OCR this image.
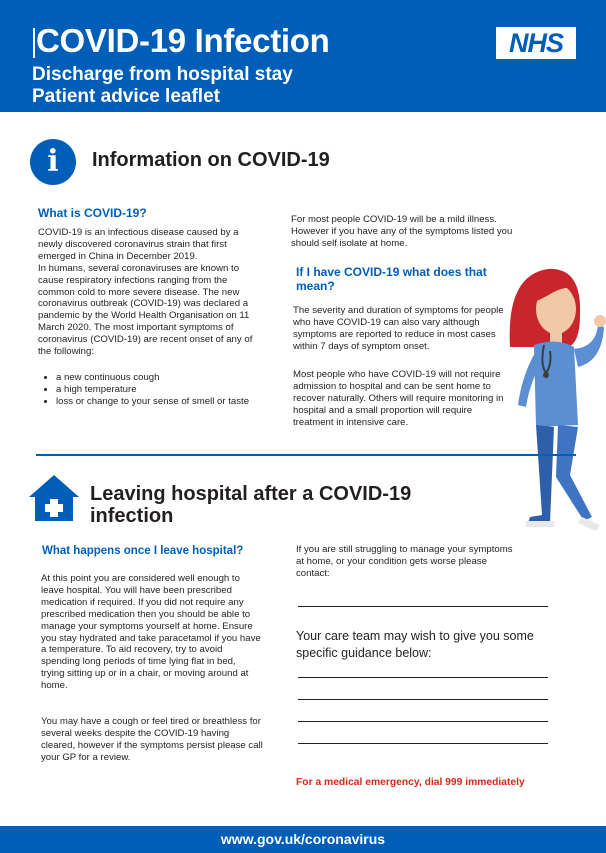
COVID-19 Infection
Discharge from hospital stay
Patient advice leaflet
NHS
i	Information on COVID-19
What is COVID-19?

COVID-19 is an infectious disease caused by a newly discovered coronavirus strain that first emerged in China in December 2019.

In humans, several coronaviruses are known to cause respiratory infections ranging from the common cold to more severe disease. The new coronavirus outbreak (COVID-19) was declared a pandemic by the World Health Organisation on 11 March 2020. The most important symptoms of coronavirus (COVID-19) are recent onset of any of the following:

• a new continuous cough
• a high temperature
• loss or change to your sense of smell or taste
For most people COVID-19 will be a mild illness. However if you have any of the symptoms listed you should self isolate at home.
If I have COVID-19 what does that mean?
The severity and duration of symptoms for people who have COVID-19 can also vary although symptoms are reported to reduce in most cases within 7 days of symptom onset.
Most people who have COVID-19 will not require admission to hospital and can be sent home to recover naturally. Others will require monitoring in hospital and a small proportion will require treatment in intensive care.
Leaving hospital after a COVID-19
infection
What happens once I leave hospital?
At this point you are considered well enough to leave hospital. You will have been prescribed medication if required. If you did not require any prescribed medication then you should be able to manage your symptoms yourself at home. Ensure you stay hydrated and take paracetamol if you have a temperature. To aid recovery, try to avoid spending long periods of time lying flat in bed, trying sitting up or in a chair, or moving around at home.
You may have a cough or feel tired or breathless for several weeks despite the COVID-19 having cleared, however if the symptoms persist please call your GP for a review.
If you are still struggling to manage your symptoms at home, or your condition gets worse please contact:
Your care team may wish to give you some specific guidance below:
For a medical emergency, dial 999 immediately
www.gov.uk/coronavirus
